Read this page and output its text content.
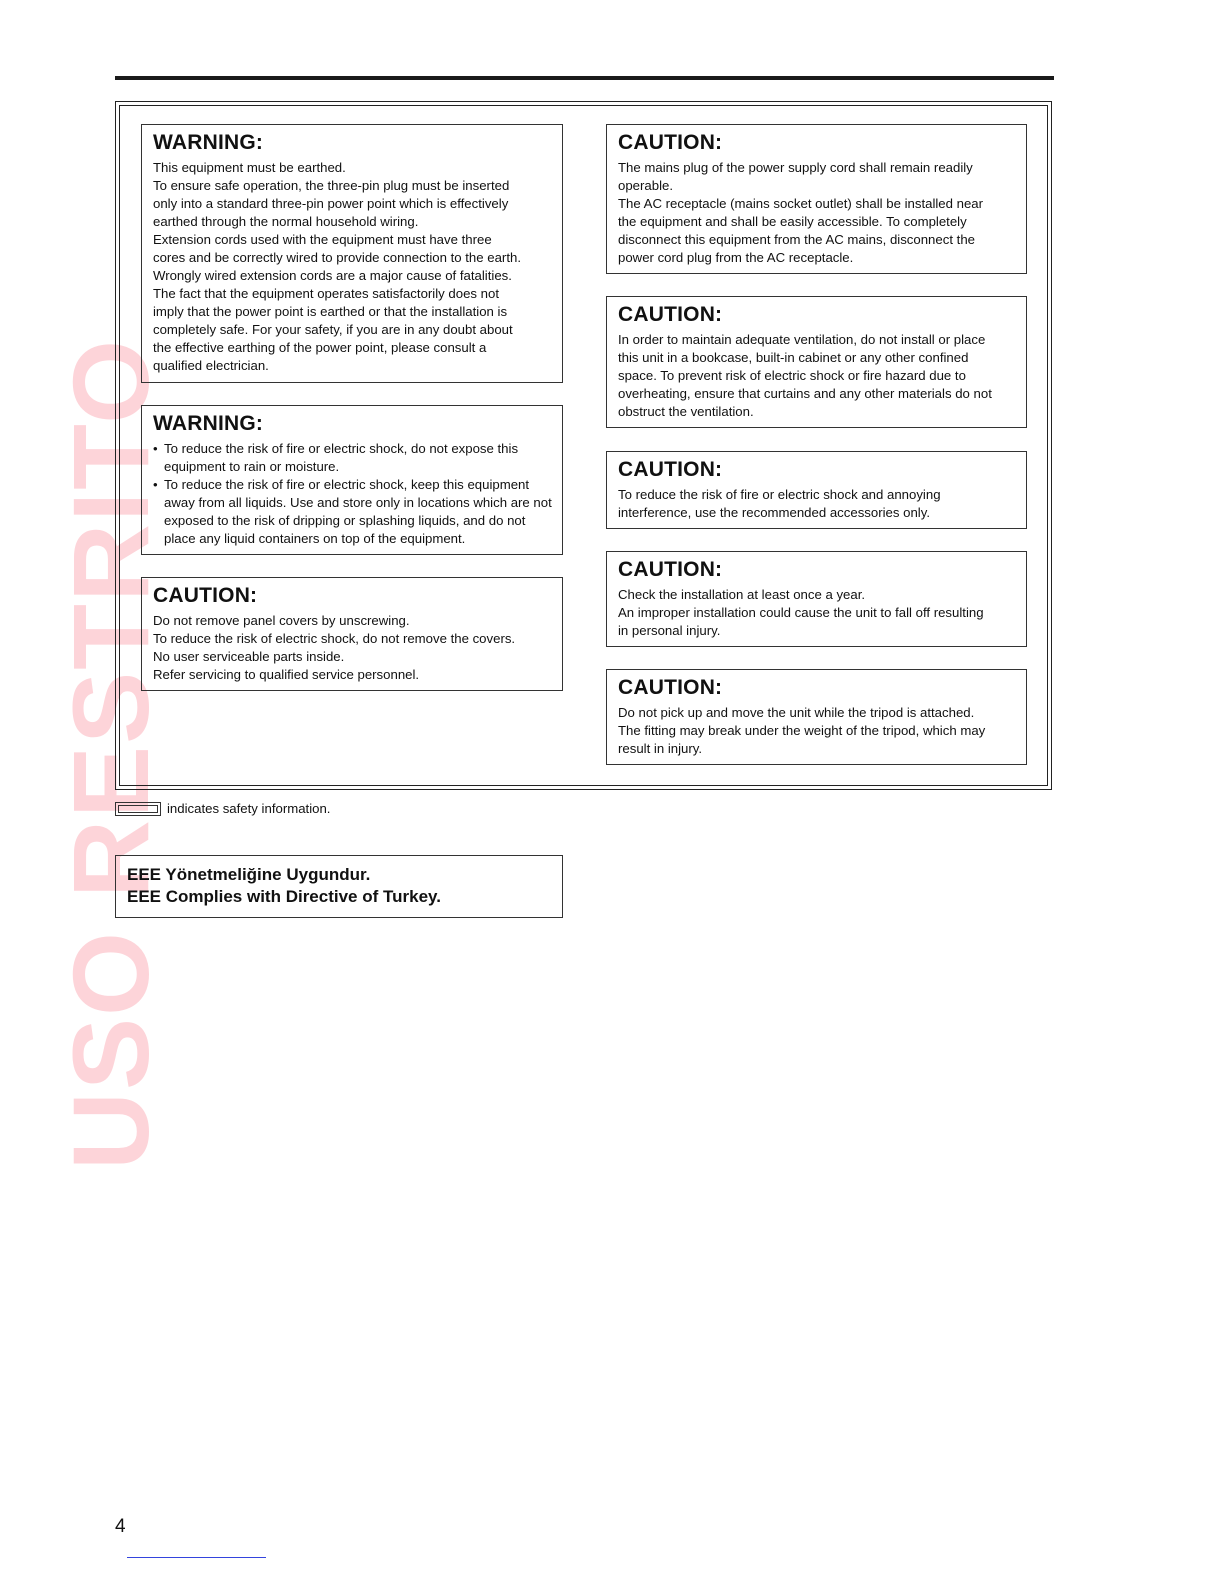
USO RESTRITO
WARNING:

This equipment must be earthed.

To ensure safe operation, the three-pin plug must be inserted

only into a standard three-pin power point which is effectively

earthed through the normal household wiring.

Extension cords used with the equipment must have three

cores and be correctly wired to provide connection to the earth.

Wrongly wired extension cords are a major cause of fatalities.

The fact that the equipment operates satisfactorily does not

imply that the power point is earthed or that the installation is

completely safe. For your safety, if you are in any doubt about

the effective earthing of the power point, please consult a

qualified electrician.

WARNING:
• To reduce the risk of fire or electric shock, do not expose this equipment to rain or moisture.
• To reduce the risk of fire or electric shock, keep this equipment away from all liquids. Use and store only in locations which are not exposed to the risk of dripping or splashing liquids, and do not place any liquid containers on top of the equipment.
CAUTION:

Do not remove panel covers by unscrewing.

To reduce the risk of electric shock, do not remove the covers.

No user serviceable parts inside.

Refer servicing to qualified service personnel.

CAUTION:

The mains plug of the power supply cord shall remain readily

operable.

The AC receptacle (mains socket outlet) shall be installed near

the equipment and shall be easily accessible. To completely

disconnect this equipment from the AC mains, disconnect the

power cord plug from the AC receptacle.

CAUTION:

In order to maintain adequate ventilation, do not install or place

this unit in a bookcase, built-in cabinet or any other confined

space. To prevent risk of electric shock or fire hazard due to

overheating, ensure that curtains and any other materials do not

obstruct the ventilation.

CAUTION:

To reduce the risk of fire or electric shock and annoying

interference, use the recommended accessories only.

CAUTION:

Check the installation at least once a year.

An improper installation could cause the unit to fall off resulting

in personal injury.

CAUTION:

Do not pick up and move the unit while the tripod is attached.

The fitting may break under the weight of the tripod, which may

result in injury.

indicates safety information.
EEE Yönetmeliğine Uygundur.
EEE Complies with Directive of Turkey.
4
